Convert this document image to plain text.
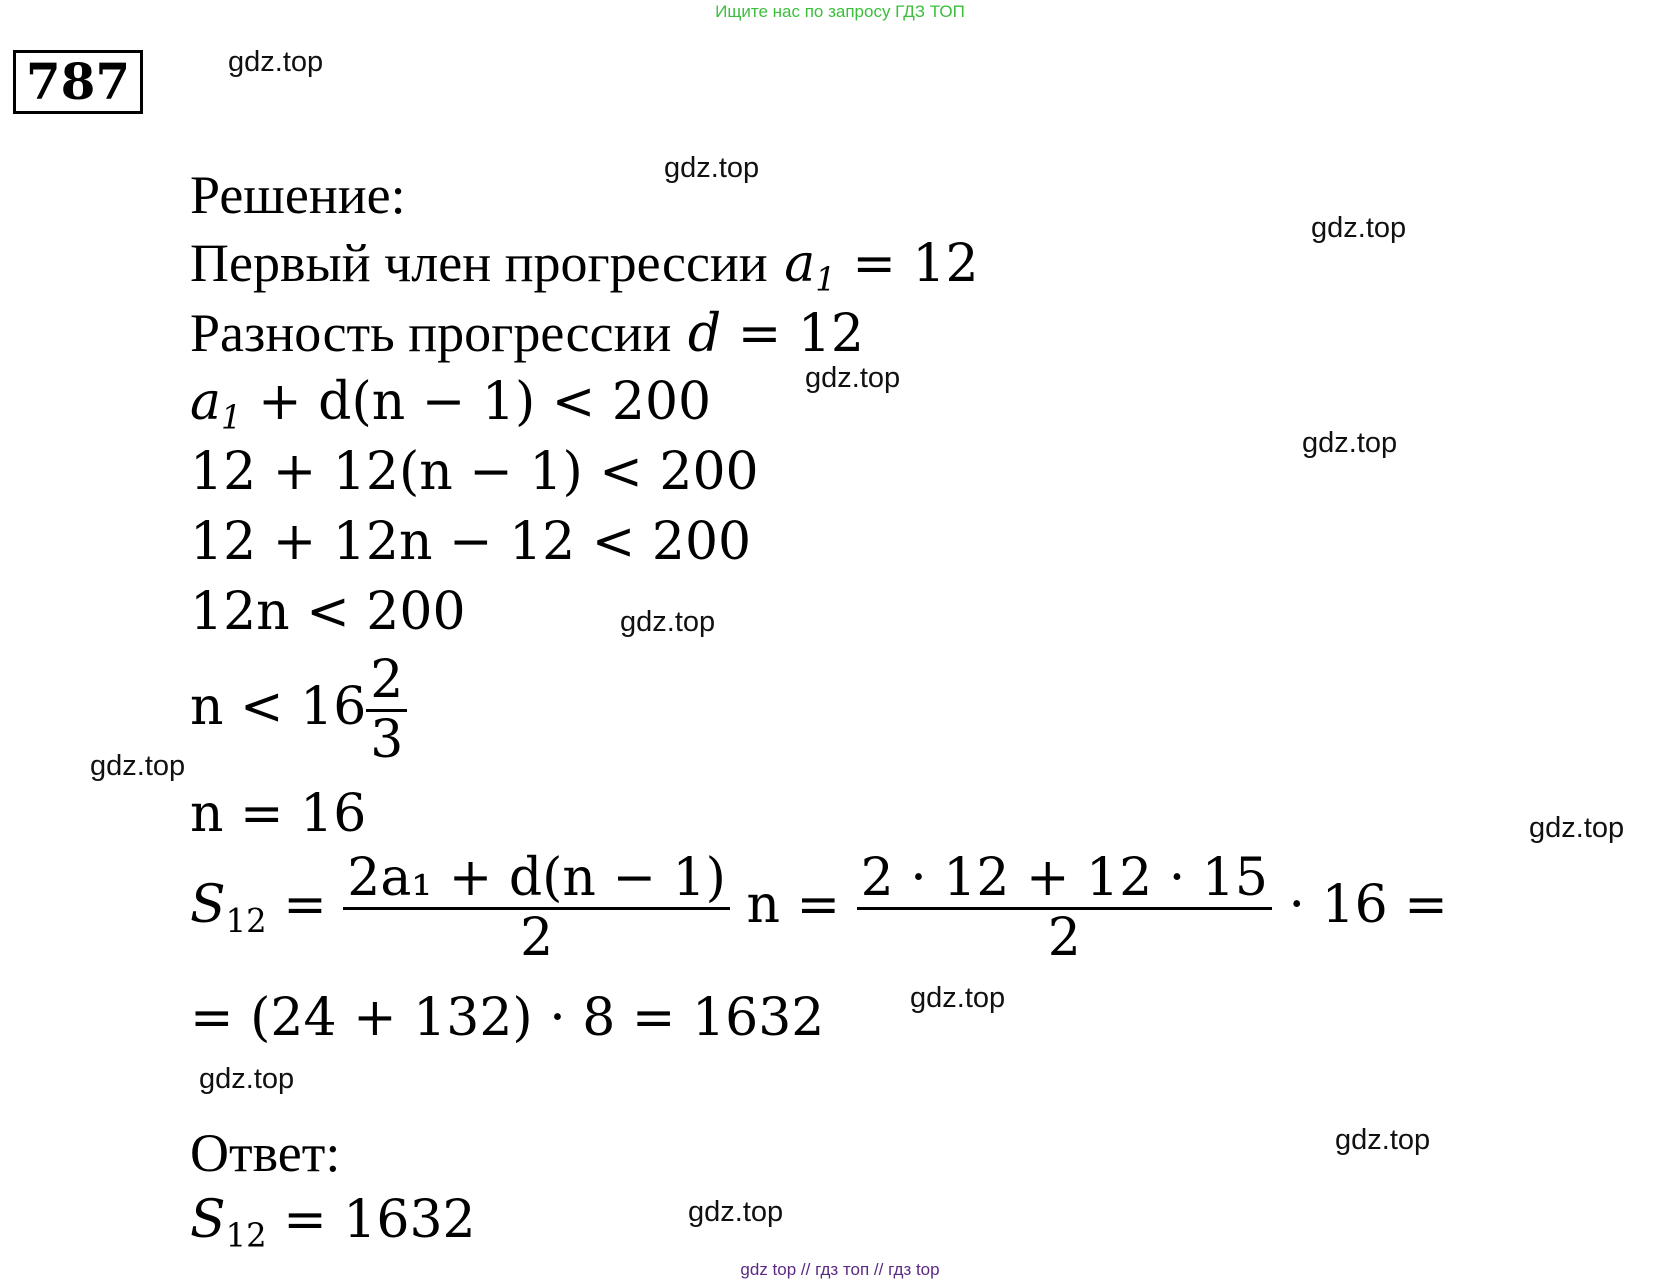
Ищите нас по запросу ГДЗ ТОП
787	gdz.top
gdz.top
gdz.top
gdz.top
gdz.top
gdz.top
gdz.top
gdz.top
gdz.top
gdz.top
gdz.top
gdz.top
Решение:
Первый член прогрессии $a_1 = 12$
Разность прогрессии d = 12
$a_1 + d(n - 1) < 200$
12 + 12(n − 1) < 200
12 + 12n − 12 < 200
12n < 200
$n < 16 \frac{2}{3}$
n = 16
$S_{12} = \frac{\text{2a₁ + d(n − 1)}}{2}$ $n = \frac{2 \cdot 12 + 12 \cdot 15}{2} \cdot 16$ =
= (24 + 132) · 8 = 1632
Ответ:
$S_{12} = 1632$
gdz top // гдз топ // гдз top
